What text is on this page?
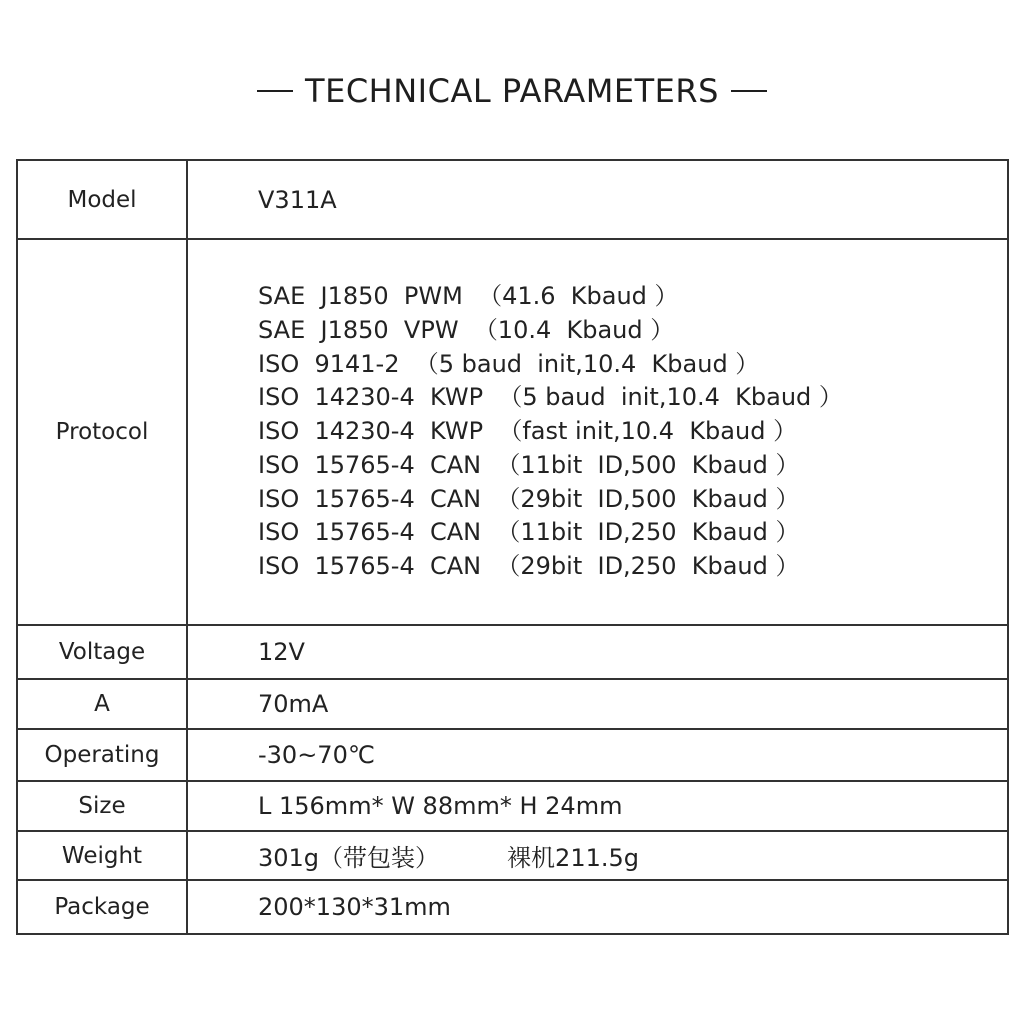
TECHNICAL PARAMETERS
Model	V311A
Protocol
SAE  J1850  PWM  （41.6  Kbaud ）
SAE  J1850  VPW  （10.4  Kbaud ）
ISO  9141-2  （5 baud  init,10.4  Kbaud ）
ISO  14230-4  KWP  （5 baud  init,10.4  Kbaud ）
ISO  14230-4  KWP  （fast init,10.4  Kbaud ）
ISO  15765-4  CAN  （11bit  ID,500  Kbaud ）
ISO  15765-4  CAN  （29bit  ID,500  Kbaud ）
ISO  15765-4  CAN  （11bit  ID,250  Kbaud ）
ISO  15765-4  CAN  （29bit  ID,250  Kbaud ）
Voltage	12V
A	70mA
Operating	-30~70℃
Size	L 156mm* W 88mm* H 24mm
Weight	301g（带包装）	裸机211.5g
Package	200*130*31mm
